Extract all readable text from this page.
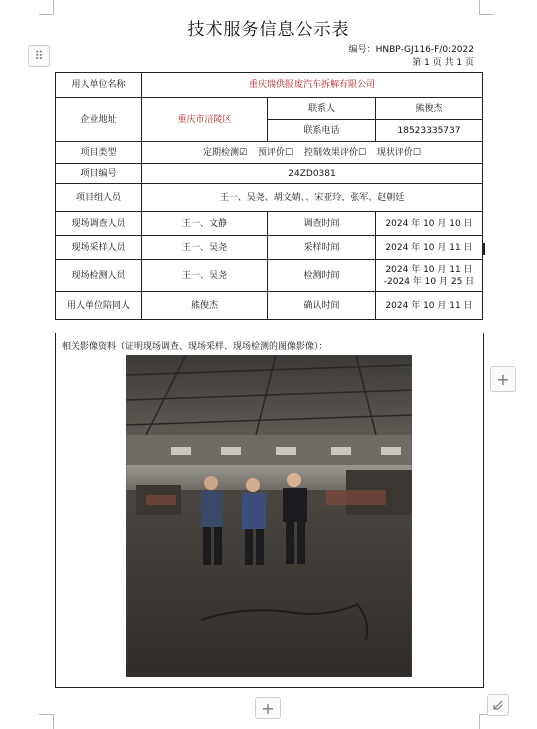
⠿
+
+
技术服务信息公示表
编号：HNBP-GJ116-F/0:2022
第 1 页 共 1 页
用人单位名称	重庆瑞供报废汽车拆解有限公司		
企业地址	重庆市涪陵区	联系人	熊俊杰
		联系电话	18523335737
项目类型	定期检测☑ 预评价☐ 控制效果评价☐ 现状评价☐		
项目编号	24ZD0381		
项目组人员	王一、吴尧、胡文婧、、宋亚玲、张军、赵朝廷		
现场调查人员	王一、文静	调查时间	2024 年 10 月 10 日
现场采样人员	王一、吴尧	采样时间	2024 年 10 月 11 日
现场检测人员	王一、吴尧	检测时间	2024 年 10 月 11 日
-2024 年 10 月 25 日

用人单位陪同人	熊俊杰	确认时间	2024 年 10 月 11 日
相关影像资料（证明现场调查、现场采样、现场检测的图像影像）：
